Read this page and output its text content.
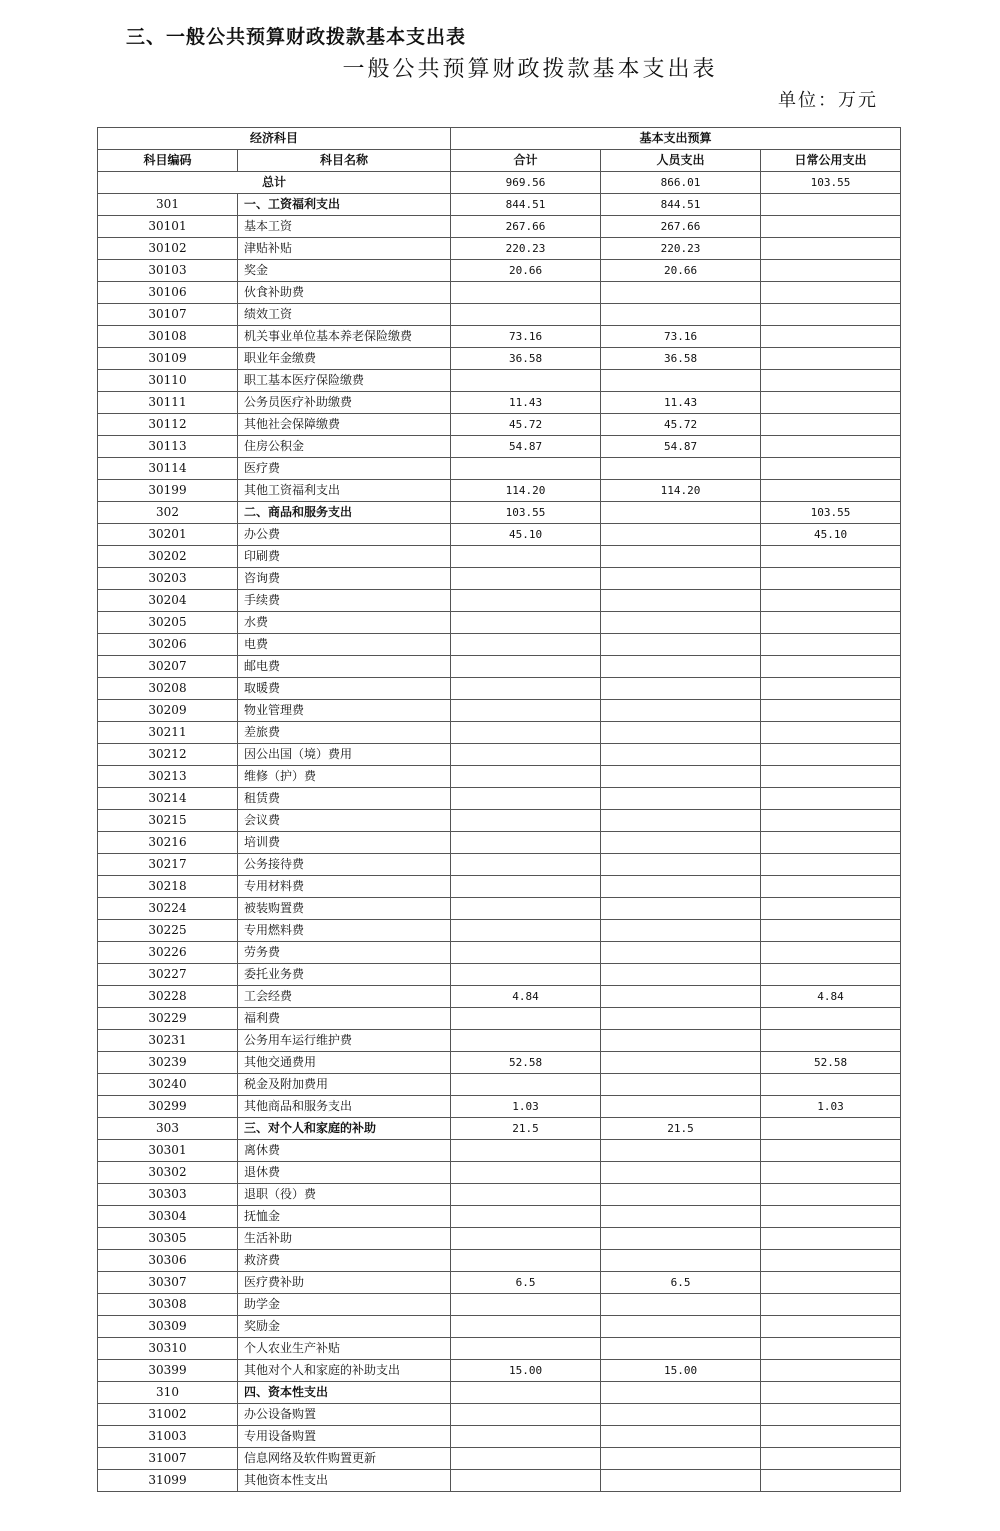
三、一般公共预算财政拨款基本支出表
一般公共预算财政拨款基本支出表
单位：万元
经济科目		基本支出预算		
科目编码	科目名称	合计	人员支出	日常公用支出
总计		969.56	866.01	103.55
301	一、工资福利支出	844.51	844.51	
30101	基本工资	267.66	267.66	
30102	津贴补贴	220.23	220.23	
30103	奖金	20.66	20.66	
30106	伙食补助费			
30107	绩效工资			
30108	机关事业单位基本养老保险缴费	73.16	73.16	
30109	职业年金缴费	36.58	36.58	
30110	职工基本医疗保险缴费			
30111	公务员医疗补助缴费	11.43	11.43	
30112	其他社会保障缴费	45.72	45.72	
30113	住房公积金	54.87	54.87	
30114	医疗费			
30199	其他工资福利支出	114.20	114.20	
302	二、商品和服务支出	103.55		103.55
30201	办公费	45.10		45.10
30202	印刷费			
30203	咨询费			
30204	手续费			
30205	水费			
30206	电费			
30207	邮电费			
30208	取暖费			
30209	物业管理费			
30211	差旅费			
30212	因公出国（境）费用			
30213	维修（护）费			
30214	租赁费			
30215	会议费			
30216	培训费			
30217	公务接待费			
30218	专用材料费			
30224	被装购置费			
30225	专用燃料费			
30226	劳务费			
30227	委托业务费			
30228	工会经费	4.84		4.84
30229	福利费			
30231	公务用车运行维护费			
30239	其他交通费用	52.58		52.58
30240	税金及附加费用			
30299	其他商品和服务支出	1.03		1.03
303	三、对个人和家庭的补助	21.5	21.5	
30301	离休费			
30302	退休费			
30303	退职（役）费			
30304	抚恤金			
30305	生活补助			
30306	救济费			
30307	医疗费补助	6.5	6.5	
30308	助学金			
30309	奖励金			
30310	个人农业生产补贴			
30399	其他对个人和家庭的补助支出	15.00	15.00	
310	四、资本性支出			
31002	办公设备购置			
31003	专用设备购置			
31007	信息网络及软件购置更新			
31099	其他资本性支出			
